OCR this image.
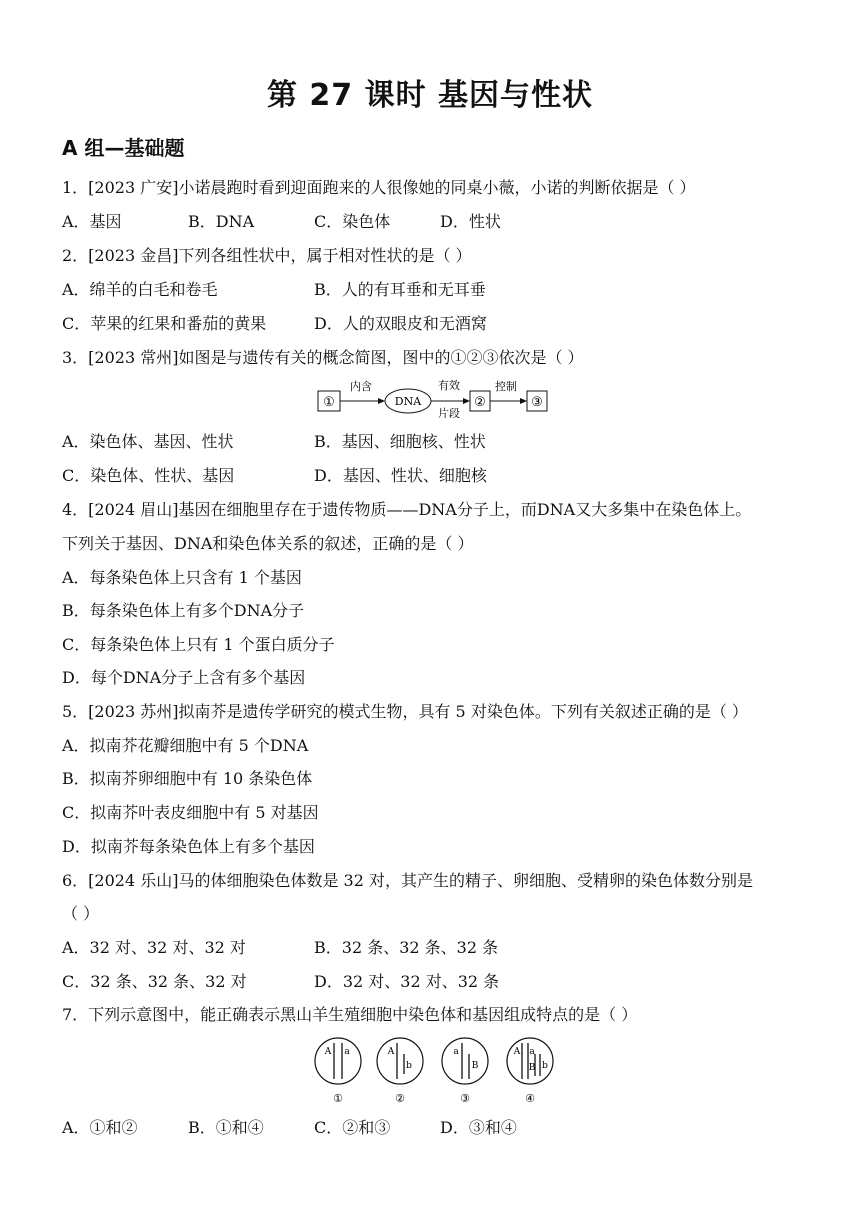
第 27 课时 基因与性状
A 组—基础题
1．[2023 广安]小诺晨跑时看到迎面跑来的人很像她的同桌小薇，小诺的判断依据是（ ）
A．基因	B．DNA	C．染色体	D．性状
2．[2023 金昌]下列各组性状中，属于相对性状的是（ ）
A．绵羊的白毛和卷毛	B．人的有耳垂和无耳垂
C．苹果的红果和番茄的黄果	D．人的双眼皮和无酒窝
3．[2023 常州]如图是与遗传有关的概念简图，图中的①②③依次是（ ）
①
内含
DNA
有效
片段
②
控制
③
A．染色体、基因、性状	B．基因、细胞核、性状
C．染色体、性状、基因	D．基因、性状、细胞核
4．[2024 眉山]基因在细胞里存在于遗传物质——DNA分子上，而DNA又大多集中在染色体上。
下列关于基因、DNA和染色体关系的叙述，正确的是（ ）
A．每条染色体上只含有 1 个基因
B．每条染色体上有多个DNA分子
C．每条染色体上只有 1 个蛋白质分子
D．每个DNA分子上含有多个基因
5．[2023 苏州]拟南芥是遗传学研究的模式生物，具有 5 对染色体。下列有关叙述正确的是（ ）
A．拟南芥花瓣细胞中有 5 个DNA
B．拟南芥卵细胞中有 10 条染色体
C．拟南芥叶表皮细胞中有 5 对基因
D．拟南芥每条染色体上有多个基因
6．[2024 乐山]马的体细胞染色体数是 32 对，其产生的精子、卵细胞、受精卵的染色体数分别是
（ ）
A．32 对、32 对、32 对	B．32 条、32 条、32 条
C．32 条、32 条、32 对	D．32 对、32 对、32 条
7．下列示意图中，能正确表示黑山羊生殖细胞中染色体和基因组成特点的是（ ）
A a
①
A
b
②
a
B
③
A a
B b
④
A．①和②	B．①和④	C．②和③	D．③和④
